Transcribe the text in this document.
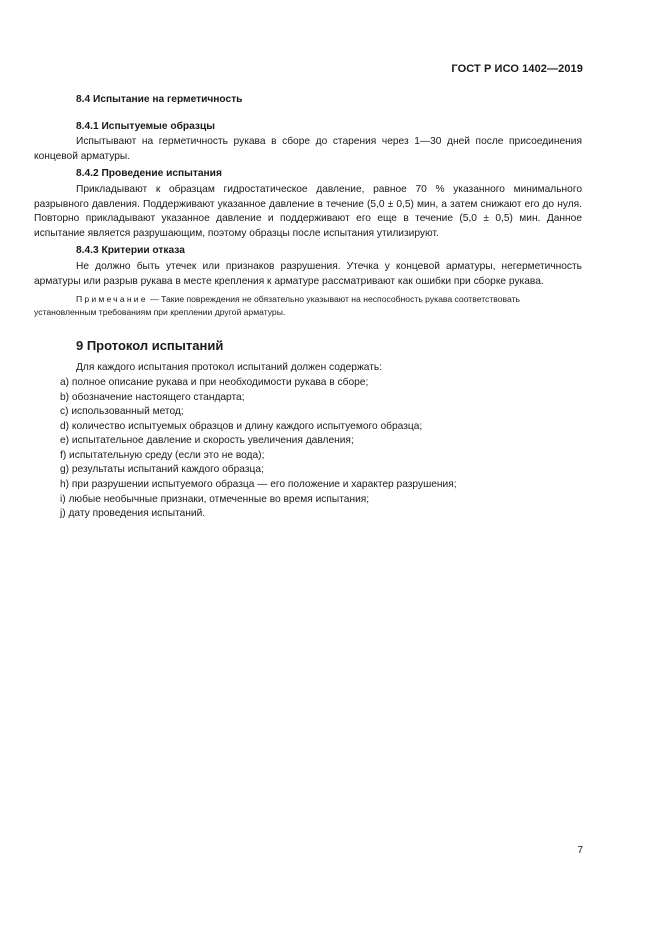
ГОСТ Р ИСО 1402—2019

8.4 Испытание на герметичность

8.4.1 Испытуемые образцы

Испытывают на герметичность рукава в сборе до старения через 1—30 дней после присоединения концевой арматуры.

8.4.2 Проведение испытания

Прикладывают к образцам гидростатическое давление, равное 70 % указанного минимального разрывного давления. Поддерживают указанное давление в течение (5,0 ± 0,5) мин, а затем снижают его до нуля. Повторно прикладывают указанное давление и поддерживают его еще в течение (5,0 ± 0,5) мин. Данное испытание является разрушающим, поэтому образцы после испытания утилизируют.

8.4.3 Критерии отказа

Не должно быть утечек или признаков разрушения. Утечка у концевой арматуры, негерметичность арматуры или разрыв рукава в месте крепления к арматуре рассматривают как ошибки при сборке рукава.

Примечание — Такие повреждения не обязательно указывают на неспособность рукава соответствовать установленным требованиям при креплении другой арматуры.

9 Протокол испытаний

Для каждого испытания протокол испытаний должен содержать:

a) полное описание рукава и при необходимости рукава в сборе;

b) обозначение настоящего стандарта;

c) использованный метод;

d) количество испытуемых образцов и длину каждого испытуемого образца;

e) испытательное давление и скорость увеличения давления;

f) испытательную среду (если это не вода);

g) результаты испытаний каждого образца;

h) при разрушении испытуемого образца — его положение и характер разрушения;

i) любые необычные признаки, отмеченные во время испытания;

j) дату проведения испытаний.

7
